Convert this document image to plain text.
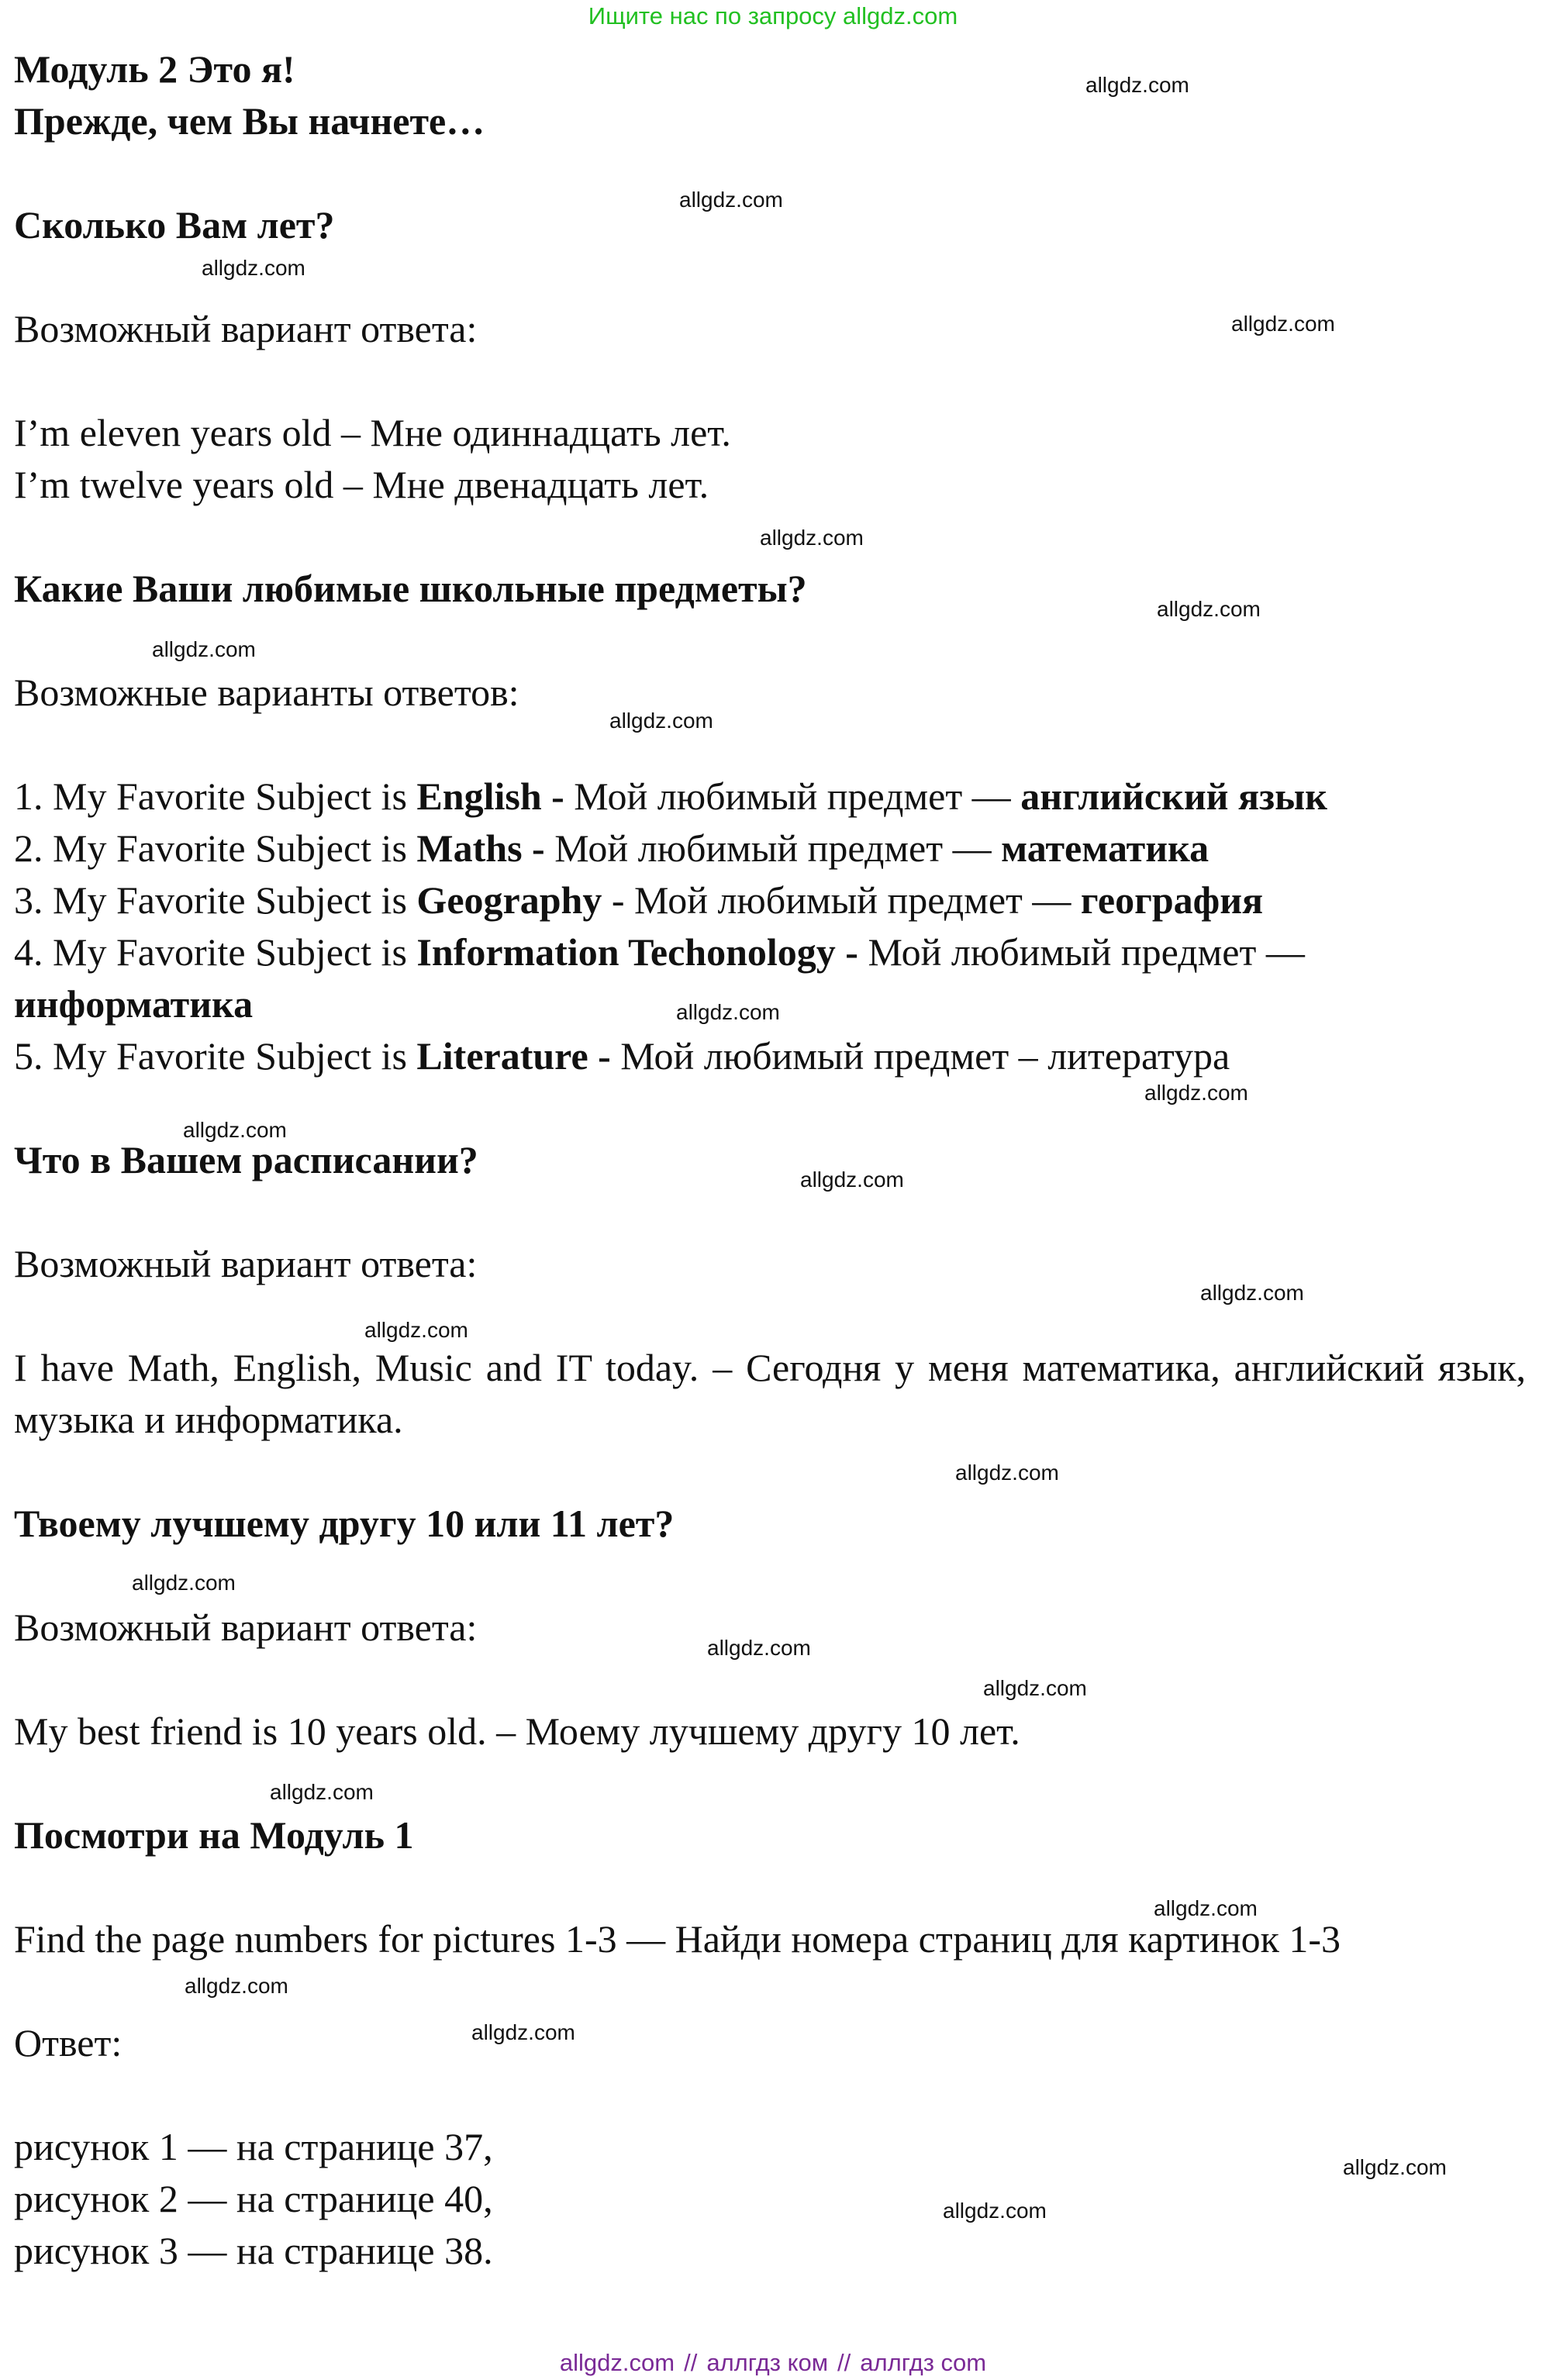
Ищите нас по запросу allgdz.com

Модуль 2 Это я!

Прежде, чем Вы начнете…

Сколько Вам лет?

Возможный вариант ответа:

I’m eleven years old – Мне одиннадцать лет.

I’m twelve years old – Мне двенадцать лет.

Какие Ваши любимые школьные предметы?

Возможные варианты ответов:

1. My Favorite Subject is English - Мой любимый предмет — английский язык

2. My Favorite Subject is Maths - Мой любимый предмет — математика

3. My Favorite Subject is Geography - Мой любимый предмет — география

4. My Favorite Subject is Information Techonology - Мой любимый предмет — информатика

5. My Favorite Subject is Literature - Мой любимый предмет – литература

Что в Вашем расписании?

Возможный вариант ответа:

I have Math, English, Music and IT today. – Сегодня у меня математика, английский язык, музыка и информатика.

Твоему лучшему другу 10 или 11 лет?

Возможный вариант ответа:

My best friend is 10 years old. – Моему лучшему другу 10 лет.

Посмотри на Модуль 1

Find the page numbers for pictures 1-3 — Найди номера страниц для картинок 1-3

Ответ:

рисунок 1 — на странице 37,

рисунок 2 — на странице 40,

рисунок 3 — на странице 38.

allgdz.com
allgdz.com
allgdz.com
allgdz.com
allgdz.com
allgdz.com
allgdz.com
allgdz.com
allgdz.com
allgdz.com
allgdz.com
allgdz.com
allgdz.com
allgdz.com
allgdz.com
allgdz.com
allgdz.com
allgdz.com
allgdz.com
allgdz.com
allgdz.com
allgdz.com
allgdz.com
allgdz.com
allgdz.com // аллгдз ком // аллгдз com
